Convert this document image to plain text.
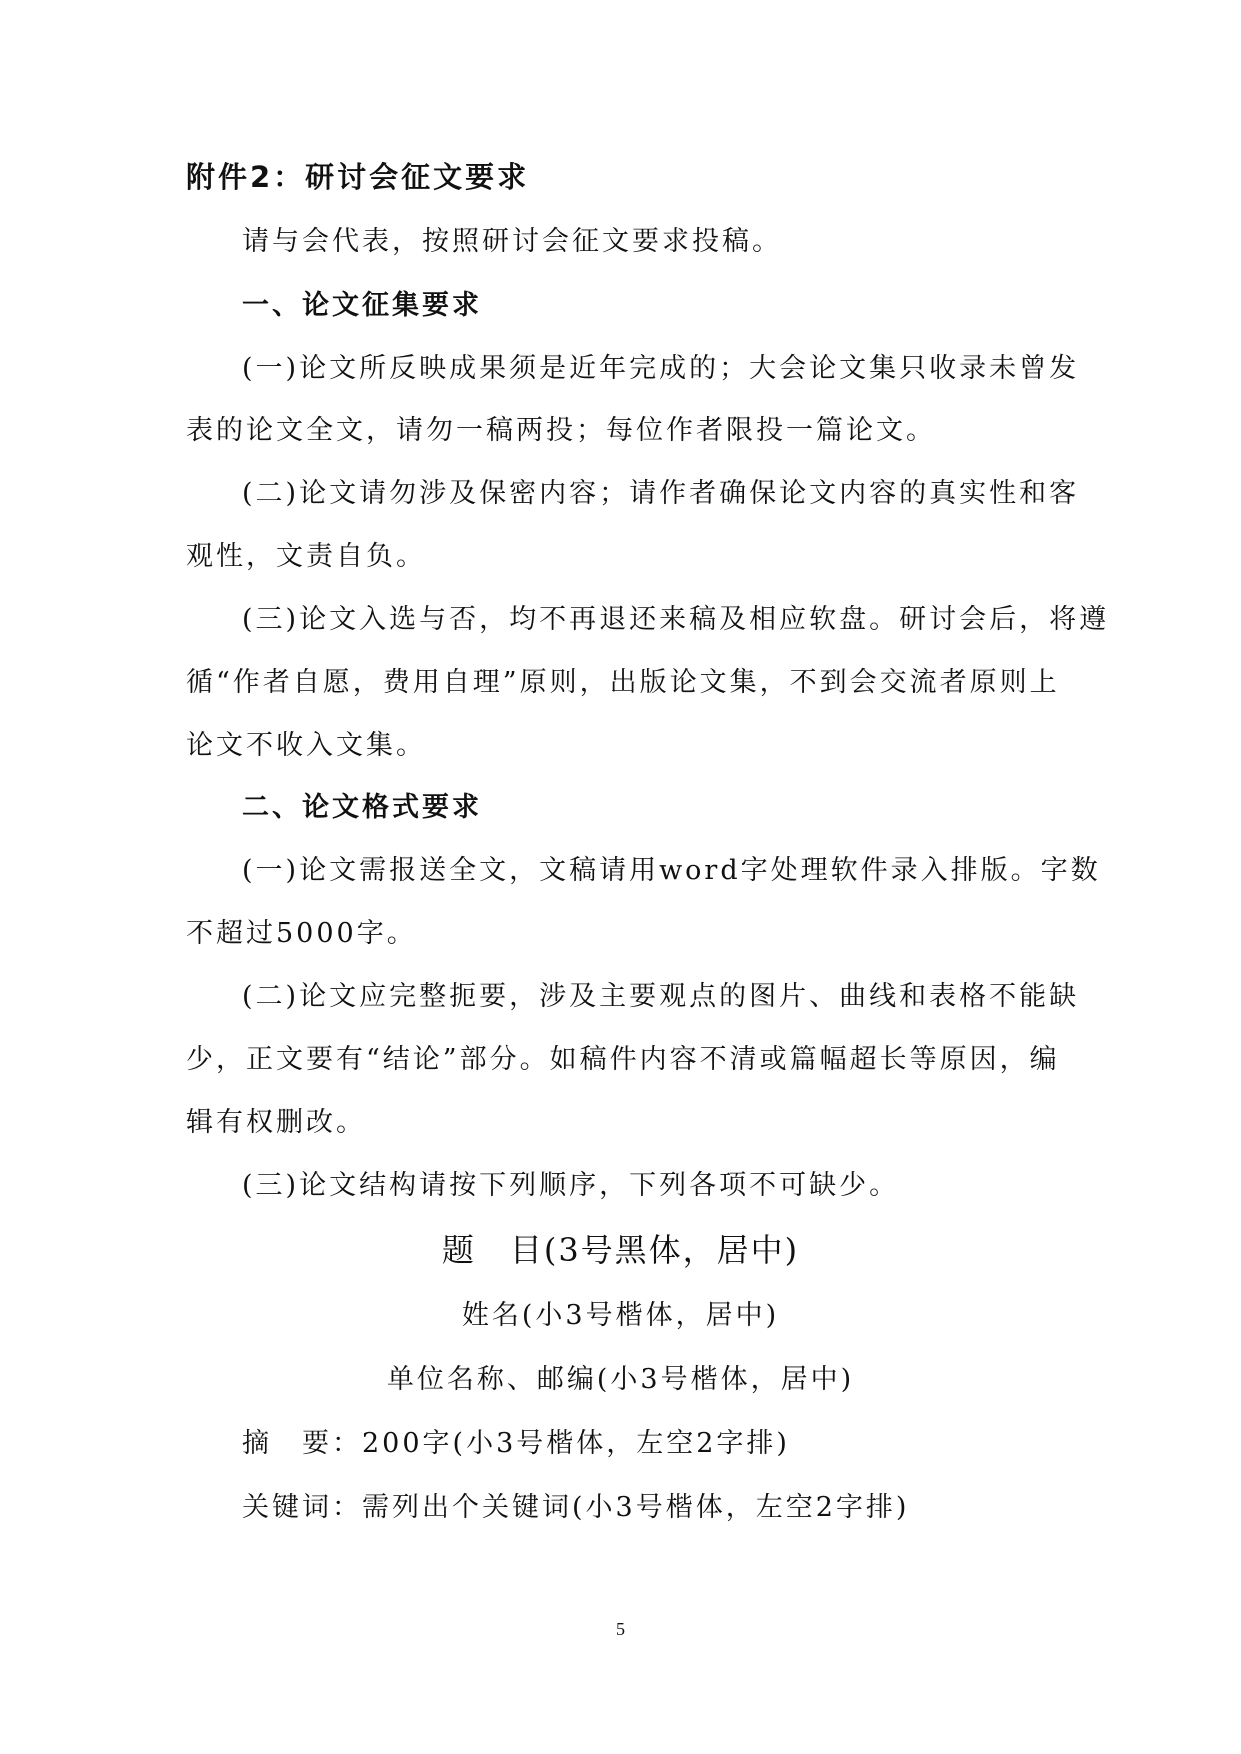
附件2：研讨会征文要求
请与会代表，按照研讨会征文要求投稿。
一、论文征集要求
(一)论文所反映成果须是近年完成的；大会论文集只收录未曾发
表的论文全文，请勿一稿两投；每位作者限投一篇论文。
(二)论文请勿涉及保密内容；请作者确保论文内容的真实性和客
观性，文责自负。
(三)论文入选与否，均不再退还来稿及相应软盘。研讨会后，将遵
循“作者自愿，费用自理”原则，出版论文集，不到会交流者原则上
论文不收入文集。
二、论文格式要求
(一)论文需报送全文，文稿请用word字处理软件录入排版。字数
不超过5000字。
(二)论文应完整扼要，涉及主要观点的图片、曲线和表格不能缺
少，正文要有“结论”部分。如稿件内容不清或篇幅超长等原因，编
辑有权删改。
(三)论文结构请按下列顺序，下列各项不可缺少。
题　目(3号黑体，居中)
姓名(小3号楷体，居中)
单位名称、邮编(小3号楷体，居中)
摘　要：200字(小3号楷体，左空2字排)
关键词：需列出个关键词(小3号楷体，左空2字排)
5
